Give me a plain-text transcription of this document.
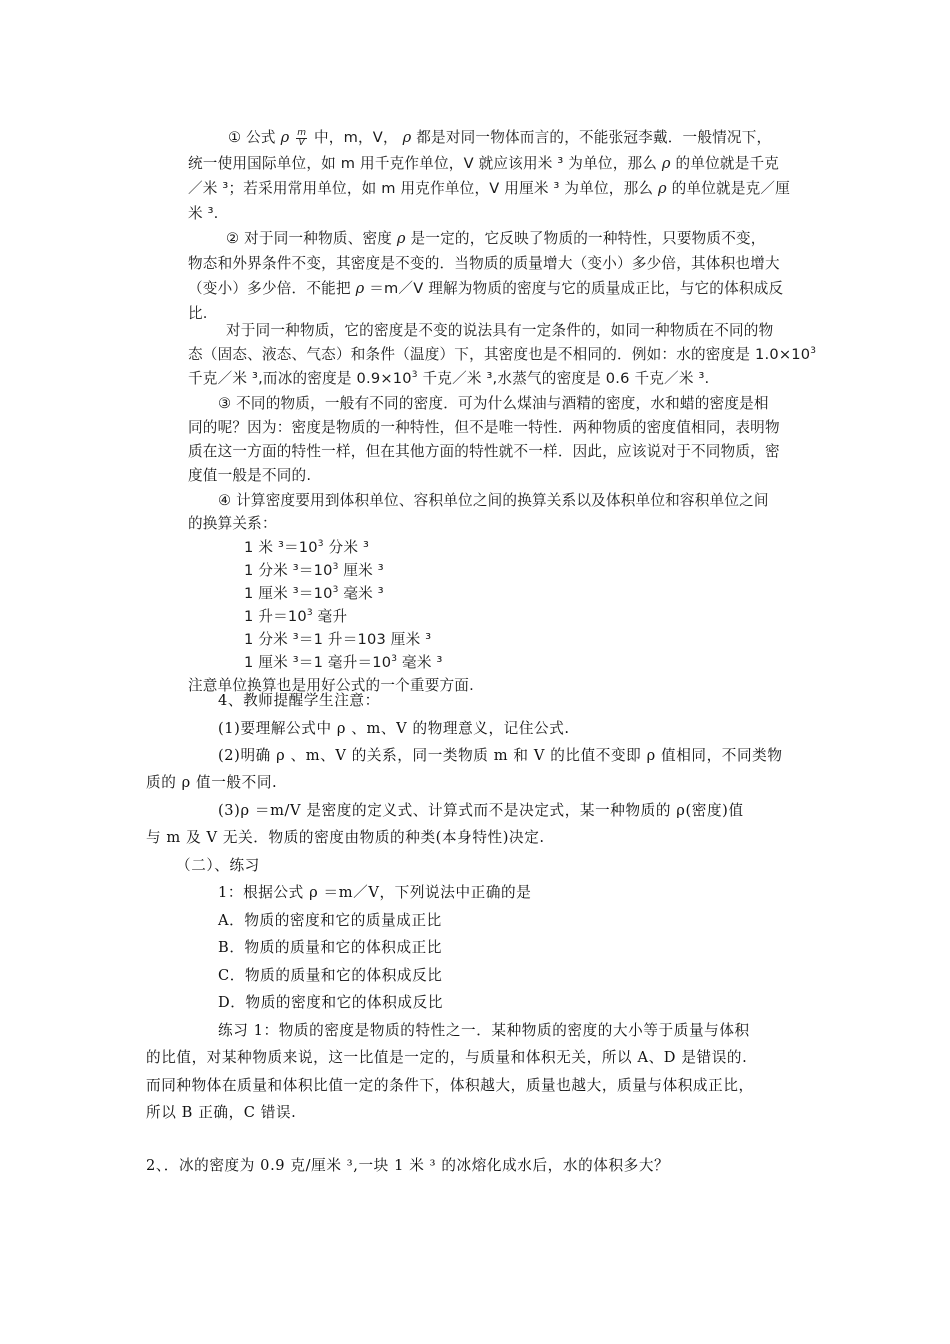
① 公式 ρ $\frac{m}{V}$ 中，m，V， ρ 都是对同一物体而言的，不能张冠李戴．一般情况下，
统一使用国际单位，如 m 用千克作单位，V 就应该用米 ³ 为单位，那么 ρ 的单位就是千克
／米 ³；若采用常用单位，如 m 用克作单位，V 用厘米 ³ 为单位，那么 ρ 的单位就是克／厘
米 ³.
② 对于同一种物质、密度 ρ 是一定的，它反映了物质的一种特性，只要物质不变，
物态和外界条件不变，其密度是不变的．当物质的质量增大（变小）多少倍，其体积也增大
（变小）多少倍．不能把 ρ ＝m／V 理解为物质的密度与它的质量成正比，与它的体积成反
比.
对于同一种物质，它的密度是不变的说法具有一定条件的，如同一种物质在不同的物
态（固态、液态、气态）和条件（温度）下，其密度也是不相同的．例如：水的密度是 $1.0\times 10^3$
千克／米 ³,而冰的密度是 $0.9\times 10^3$ 千克／米 ³,水蒸气的密度是 0.6 千克／米 ³.
③ 不同的物质，一般有不同的密度．可为什么煤油与酒精的密度，水和蜡的密度是相
同的呢？因为：密度是物质的一种特性，但不是唯一特性．两种物质的密度值相同，表明物
质在这一方面的特性一样，但在其他方面的特性就不一样．因此，应该说对于不同物质，密
度值一般是不同的.
④ 计算密度要用到体积单位、容积单位之间的换算关系以及体积单位和容积单位之间
的换算关系：
1 米 $^3=10^3$ 分米 ³
1 分米 $^3=10^3$ 厘米 ³
1 厘米 $^3=10^3$ 毫米 ³
1 升$=10^3$ 毫升
1 分米 ³＝1 升＝103 厘米 ³
1 厘米 ³＝1 毫升$=10^3$ 毫米 ³
注意单位换算也是用好公式的一个重要方面.
4、教师提醒学生注意：
(1)要理解公式中 ρ 、m、V 的物理意义，记住公式.
(2)明确 ρ 、m、V 的关系，同一类物质 m 和 V 的比值不变即 ρ 值相同，不同类物
质的 ρ 值一般不同.
(3)ρ ＝m/V 是密度的定义式、计算式而不是决定式，某一种物质的 ρ(密度)值
与 m 及 V 无关．物质的密度由物质的种类(本身特性)决定.
（二）、练习
1：根据公式 ρ ＝m／V，下列说法中正确的是
A．物质的密度和它的质量成正比
B．物质的质量和它的体积成正比
C．物质的质量和它的体积成反比
D．物质的密度和它的体积成反比
练习 1：物质的密度是物质的特性之一．某种物质的密度的大小等于质量与体积
的比值，对某种物质来说，这一比值是一定的，与质量和体积无关，所以 A、D 是错误的.
而同种物体在质量和体积比值一定的条件下，体积越大，质量也越大，质量与体积成正比，
所以 B 正确，C 错误.
2、．冰的密度为 0.9 克/厘米 ³,一块 1 米 ³ 的冰熔化成水后，水的体积多大？
